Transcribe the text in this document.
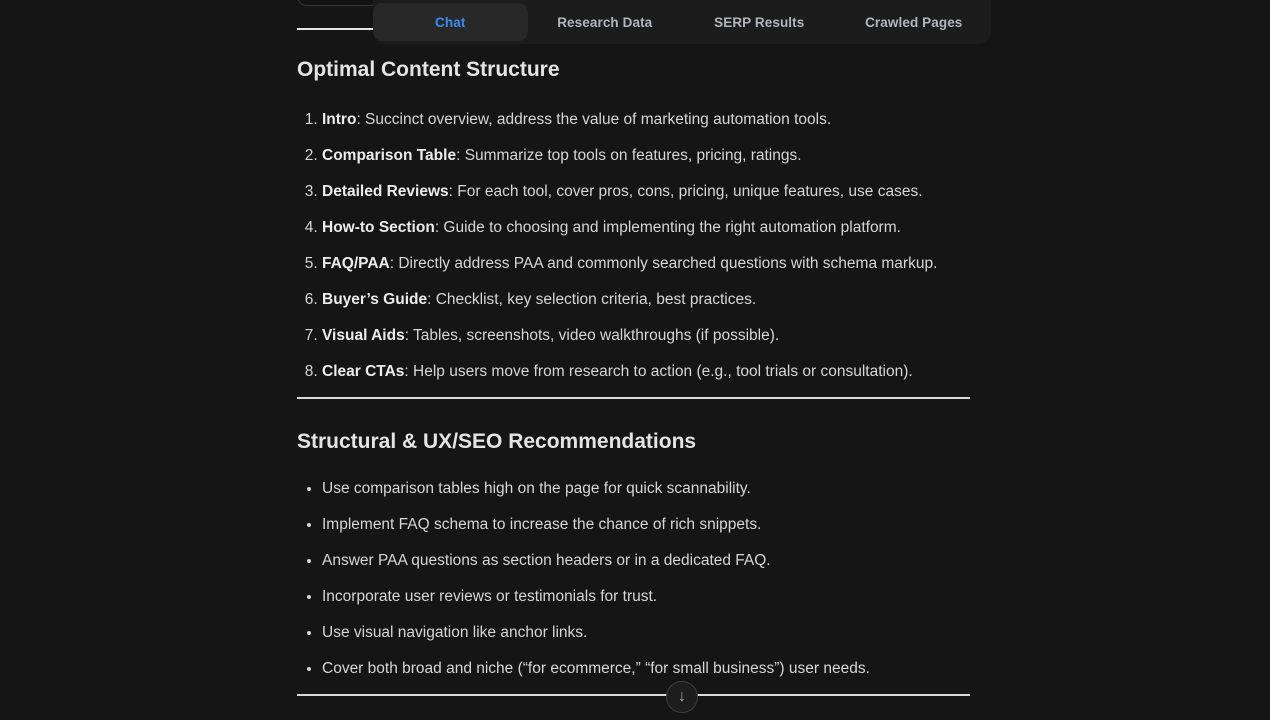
Chat	Research Data	SERP Results	Crawled Pages
Optimal Content Structure
1. Intro: Succinct overview, address the value of marketing automation tools.
2. Comparison Table: Summarize top tools on features, pricing, ratings.
3. Detailed Reviews: For each tool, cover pros, cons, pricing, unique features, use cases.
4. How-to Section: Guide to choosing and implementing the right automation platform.
5. FAQ/PAA: Directly address PAA and commonly searched questions with schema markup.
6. Buyer’s Guide: Checklist, key selection criteria, best practices.
7. Visual Aids: Tables, screenshots, video walkthroughs (if possible).
8. Clear CTAs: Help users move from research to action (e.g., tool trials or consultation).
Structural & UX/SEO Recommendations
• Use comparison tables high on the page for quick scannability.
• Implement FAQ schema to increase the chance of rich snippets.
• Answer PAA questions as section headers or in a dedicated FAQ.
• Incorporate user reviews or testimonials for trust.
• Use visual navigation like anchor links.
• Cover both broad and niche (“for ecommerce,” “for small business”) user needs.
↓
